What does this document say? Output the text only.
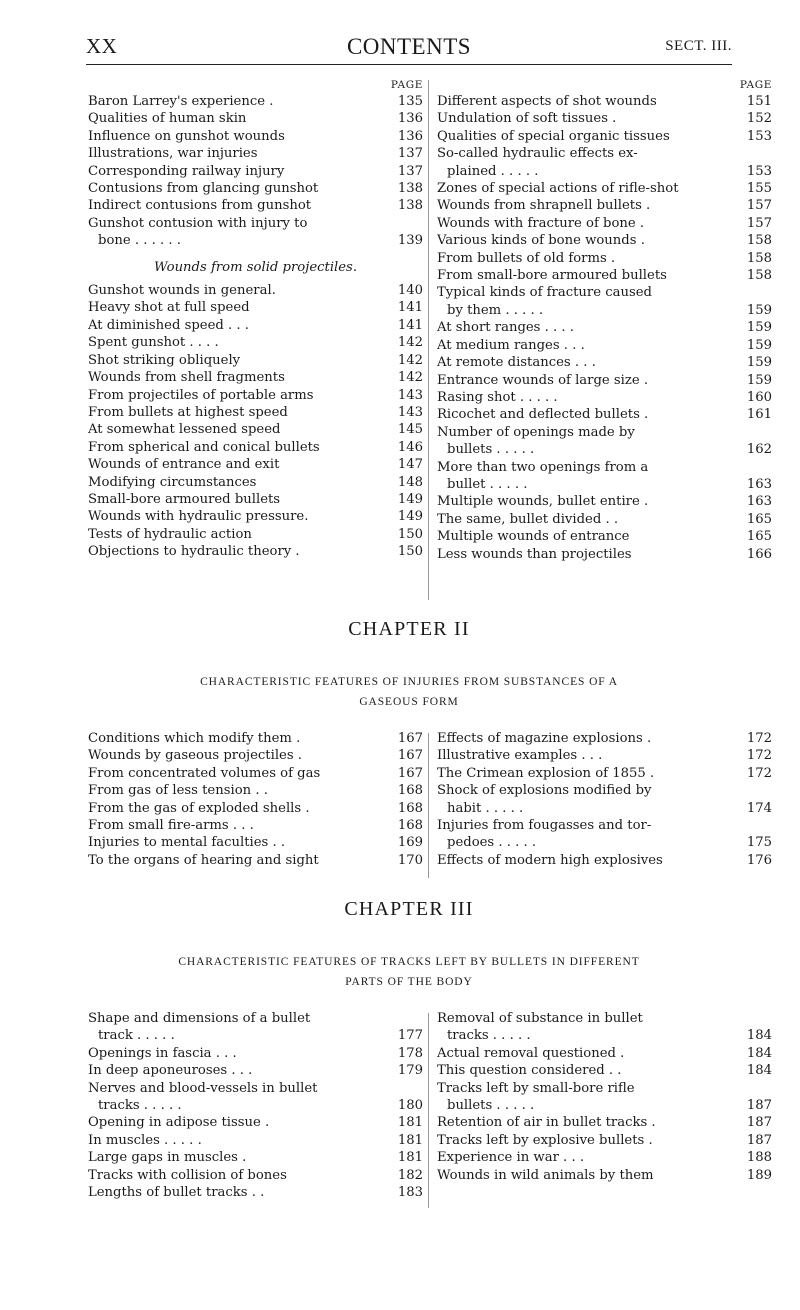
XX	CONTENTS	SECT. III.
PAGE
Baron Larrey's experience .	135
Qualities of human skin	136
Influence on gunshot wounds	136
Illustrations, war injuries	137
Corresponding railway injury	137
Contusions from glancing gunshot	138
Indirect contusions from gunshot	138
Gunshot contusion with injury to
bone . . . . . .	139
Wounds from solid projectiles.
Gunshot wounds in general.	140
Heavy shot at full speed	141
At diminished speed . . .	141
Spent gunshot . . . .	142
Shot striking obliquely	142
Wounds from shell fragments	142
From projectiles of portable arms	143
From bullets at highest speed	143
At somewhat lessened speed	145
From spherical and conical bullets	146
Wounds of entrance and exit	147
Modifying circumstances	148
Small-bore armoured bullets	149
Wounds with hydraulic pressure.	149
Tests of hydraulic action	150
Objections to hydraulic theory .	150
PAGE
Different aspects of shot wounds	151
Undulation of soft tissues .	152
Qualities of special organic tissues	153
So-called hydraulic effects ex-
plained . . . . .	153
Zones of special actions of rifle-shot	155
Wounds from shrapnell bullets .	157
Wounds with fracture of bone .	157
Various kinds of bone wounds .	158
From bullets of old forms .	158
From small-bore armoured bullets	158
Typical kinds of fracture caused
by them . . . . .	159
At short ranges . . . .	159
At medium ranges . . .	159
At remote distances . . .	159
Entrance wounds of large size .	159
Rasing shot . . . . .	160
Ricochet and deflected bullets .	161
Number of openings made by
bullets . . . . .	162
More than two openings from a
bullet . . . . .	163
Multiple wounds, bullet entire .	163
The same, bullet divided . .	165
Multiple wounds of entrance	165
Less wounds than projectiles	166
CHAPTER II
CHARACTERISTIC FEATURES OF INJURIES FROM SUBSTANCES OF A
GASEOUS FORM
Conditions which modify them .	167
Wounds by gaseous projectiles .	167
From concentrated volumes of gas	167
From gas of less tension . .	168
From the gas of exploded shells .	168
From small fire-arms . . .	168
Injuries to mental faculties . .	169
To the organs of hearing and sight	170
Effects of magazine explosions .	172
Illustrative examples . . .	172
The Crimean explosion of 1855 .	172
Shock of explosions modified by
habit . . . . .	174
Injuries from fougasses and tor-
pedoes . . . . .	175
Effects of modern high explosives	176
CHAPTER III
CHARACTERISTIC FEATURES OF TRACKS LEFT BY BULLETS IN DIFFERENT
PARTS OF THE BODY
Shape and dimensions of a bullet
track . . . . .	177
Openings in fascia . . .	178
In deep aponeuroses . . .	179
Nerves and blood-vessels in bullet
tracks . . . . .	180
Opening in adipose tissue .	181
In muscles . . . . .	181
Large gaps in muscles .	181
Tracks with collision of bones	182
Lengths of bullet tracks . .	183
Removal of substance in bullet
tracks . . . . .	184
Actual removal questioned .	184
This question considered . .	184
Tracks left by small-bore rifle
bullets . . . . .	187
Retention of air in bullet tracks .	187
Tracks left by explosive bullets .	187
Experience in war . . .	188
Wounds in wild animals by them	189
